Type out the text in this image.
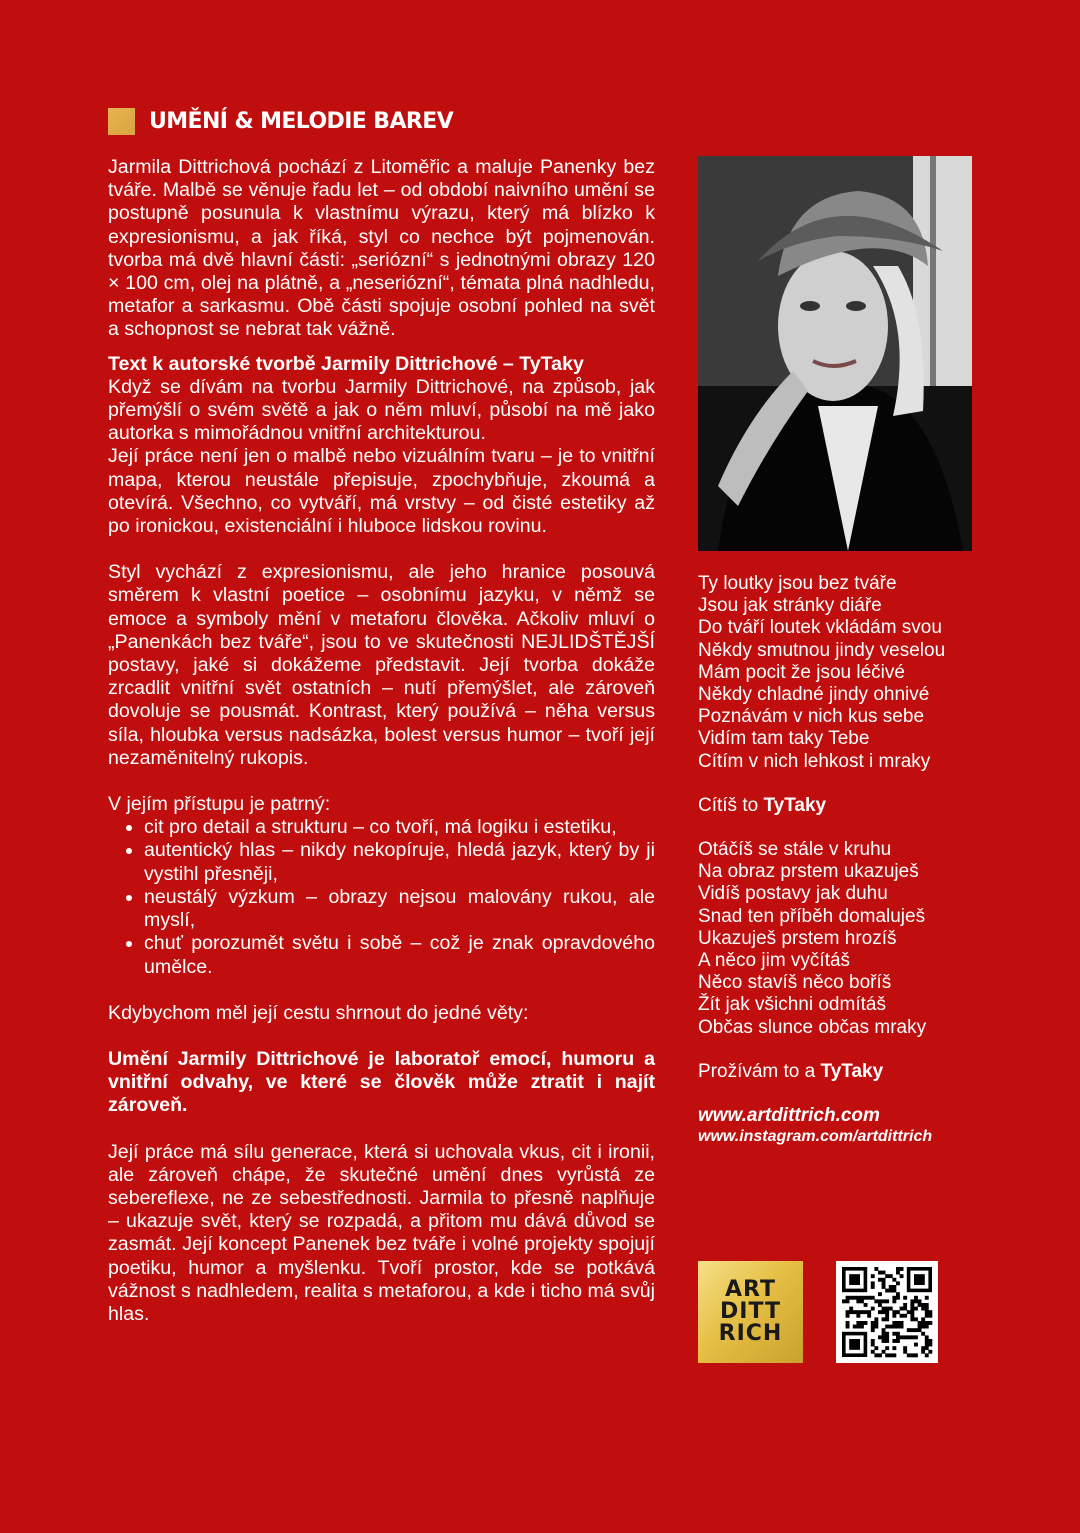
UMĚNÍ & MELODIE BAREV

Jarmila Dittrichová pochází z Litoměřic a maluje Panenky bez tváře. Malbě se věnuje řadu let – od období naivního umění se postupně posunula k vlastnímu výrazu, který má blízko k expresionismu, a jak říká, styl co nechce být pojmenován. tvorba má dvě hlavní části: „seriózní“ s jednotnými obrazy 120 × 100 cm, olej na plátně, a „neseriózní“, témata plná nadhledu, metafor a sarkasmu. Obě části spojuje osobní pohled na svět a schopnost se nebrat tak vážně.

Text k autorské tvorbě Jarmily Dittrichové – TyTaky

Když se dívám na tvorbu Jarmily Dittrichové, na způsob, jak přemýšlí o svém světě a jak o něm mluví, působí na mě jako autorka s mimořádnou vnitřní architekturou.

Její práce není jen o malbě nebo vizuálním tvaru – je to vnitřní mapa, kterou neustále přepisuje, zpochybňuje, zkoumá a otevírá. Všechno, co vytváří, má vrstvy – od čisté estetiky až po ironickou, existenciální i hluboce lidskou rovinu.

Styl vychází z expresionismu, ale jeho hranice posouvá směrem k vlastní poetice – osobnímu jazyku, v němž se emoce a symboly mění v metaforu člověka. Ačkoliv mluví o „Panenkách bez tváře“, jsou to ve skutečnosti NEJLIDŠTĚJŠÍ postavy, jaké si dokážeme představit. Její tvorba dokáže zrcadlit vnitřní svět ostatních – nutí přemýšlet, ale zároveň dovoluje se pousmát. Kontrast, který používá – něha versus síla, hloubka versus nadsázka, bolest versus humor – tvoří její nezaměnitelný rukopis.

V jejím přístupu je patrný:

• cit pro detail a strukturu – co tvoří, má logiku i estetiku,
• autentický hlas – nikdy nekopíruje, hledá jazyk, který by ji vystihl přesněji,
• neustálý výzkum – obrazy nejsou malovány rukou, ale myslí,
• chuť porozumět světu i sobě – což je znak opravdového umělce.

Kdybychom měl její cestu shrnout do jedné věty:

Umění Jarmily Dittrichové je laboratoř emocí, humoru a vnitřní odvahy, ve které se člověk může ztratit i najít zároveň.

Její práce má sílu generace, která si uchovala vkus, cit i ironii, ale zároveň chápe, že skutečné umění dnes vyrůstá ze sebereflexe, ne ze sebestřednosti. Jarmila to přesně naplňuje – ukazuje svět, který se rozpadá, a přitom mu dává důvod se zasmát. Její koncept Panenek bez tváře i volné projekty spojují poetiku, humor a myšlenku. Tvoří prostor, kde se potkává vážnost s nadhledem, realita s metaforou, a kde i ticho má svůj hlas.

Ty loutky jsou bez tváře
Jsou jak stránky diáře
Do tváří loutek vkládám svou
Někdy smutnou jindy veselou
Mám pocit že jsou léčivé
Někdy chladné jindy ohnivé
Poznávám v nich kus sebe
Vidím tam taky Tebe
Cítím v nich lehkost i mraky
Cítíš to TyTaky
Otáčíš se stále v kruhu
Na obraz prstem ukazuješ
Vidíš postavy jak duhu
Snad ten příběh domaluješ
Ukazuješ prstem hrozíš
A něco jim vyčítáš
Něco stavíš něco boříš
Žít jak všichni odmítáš
Občas slunce občas mraky
Prožívám to a TyTaky
www.artdittrich.com
www.instagram.com/artdittrich
ART
DITT
RICH
